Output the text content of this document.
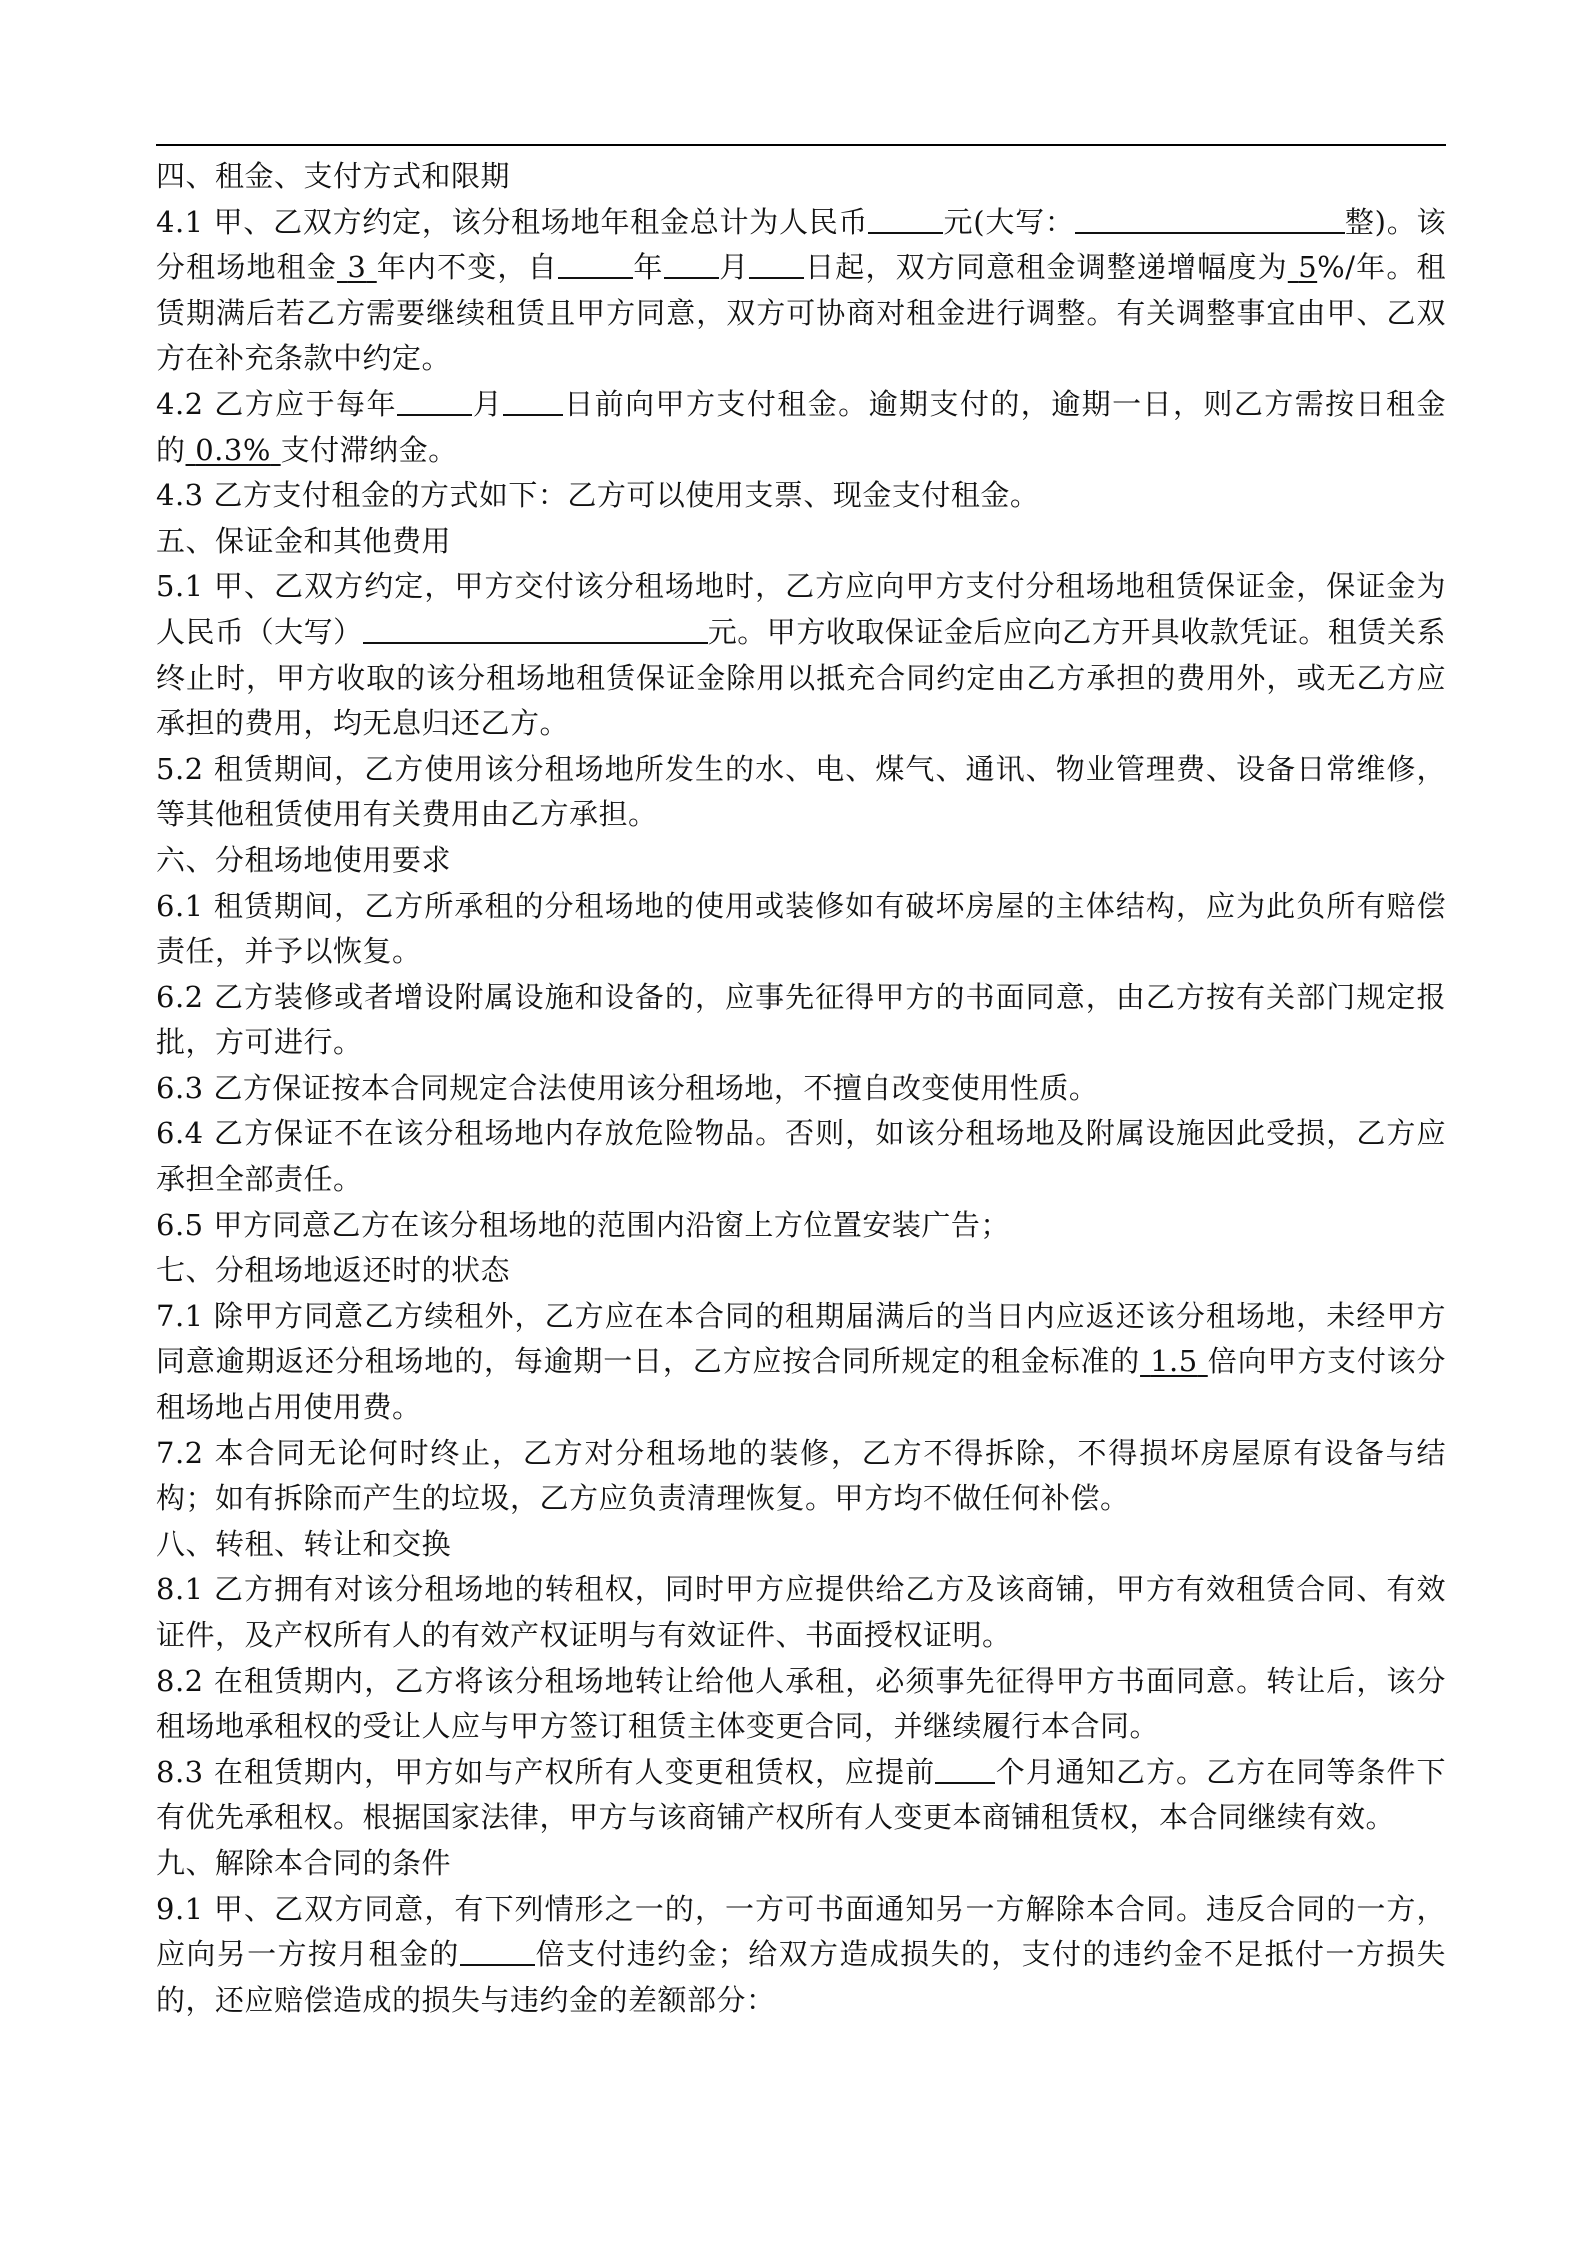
四、租金、支付方式和限期

4.1 甲、乙双方约定，该分租场地年租金总计为人民币	元(大写：	整)。该分租场地租金 3 年内不变，自	年 月 日起，双方同意租金调整递增幅度为 5%/年。租赁期满后若乙方需要继续租赁且甲方同意，双方可协商对租金进行调整。有关调整事宜由甲、乙双方在补充条款中约定。

4.2 乙方应于每年	月 日前向甲方支付租金。逾期支付的，逾期一日，则乙方需按日租金的 0.3% 支付滞纳金。

4.3 乙方支付租金的方式如下：乙方可以使用支票、现金支付租金。

五、保证金和其他费用

5.1 甲、乙双方约定，甲方交付该分租场地时，乙方应向甲方支付分租场地租赁保证金，保证金为人民币（大写）	元。甲方收取保证金后应向乙方开具收款凭证。租赁关系终止时，甲方收取的该分租场地租赁保证金除用以抵充合同约定由乙方承担的费用外，或无乙方应承担的费用，均无息归还乙方。

5.2 租赁期间，乙方使用该分租场地所发生的水、电、煤气、通讯、物业管理费、设备日常维修，等其他租赁使用有关费用由乙方承担。

六、分租场地使用要求

6.1 租赁期间，乙方所承租的分租场地的使用或装修如有破坏房屋的主体结构，应为此负所有赔偿责任，并予以恢复。

6.2 乙方装修或者增设附属设施和设备的，应事先征得甲方的书面同意，由乙方按有关部门规定报批，方可进行。

6.3 乙方保证按本合同规定合法使用该分租场地，不擅自改变使用性质。

6.4 乙方保证不在该分租场地内存放危险物品。否则，如该分租场地及附属设施因此受损，乙方应承担全部责任。

6.5 甲方同意乙方在该分租场地的范围内沿窗上方位置安装广告；

七、分租场地返还时的状态

7.1 除甲方同意乙方续租外，乙方应在本合同的租期届满后的当日内应返还该分租场地，未经甲方同意逾期返还分租场地的，每逾期一日，乙方应按合同所规定的租金标准的 1.5 倍向甲方支付该分租场地占用使用费。

7.2 本合同无论何时终止，乙方对分租场地的装修，乙方不得拆除，不得损坏房屋原有设备与结构；如有拆除而产生的垃圾，乙方应负责清理恢复。甲方均不做任何补偿。

八、转租、转让和交换

8.1 乙方拥有对该分租场地的转租权，同时甲方应提供给乙方及该商铺，甲方有效租赁合同、有效证件，及产权所有人的有效产权证明与有效证件、书面授权证明。

8.2 在租赁期内，乙方将该分租场地转让给他人承租，必须事先征得甲方书面同意。转让后，该分租场地承租权的受让人应与甲方签订租赁主体变更合同，并继续履行本合同。

8.3 在租赁期内，甲方如与产权所有人变更租赁权，应提前 个月通知乙方。乙方在同等条件下有优先承租权。根据国家法律，甲方与该商铺产权所有人变更本商铺租赁权，本合同继续有效。

九、解除本合同的条件

9.1 甲、乙双方同意，有下列情形之一的，一方可书面通知另一方解除本合同。违反合同的一方，应向另一方按月租金的	倍支付违约金；给双方造成损失的，支付的违约金不足抵付一方损失的，还应赔偿造成的损失与违约金的差额部分：
